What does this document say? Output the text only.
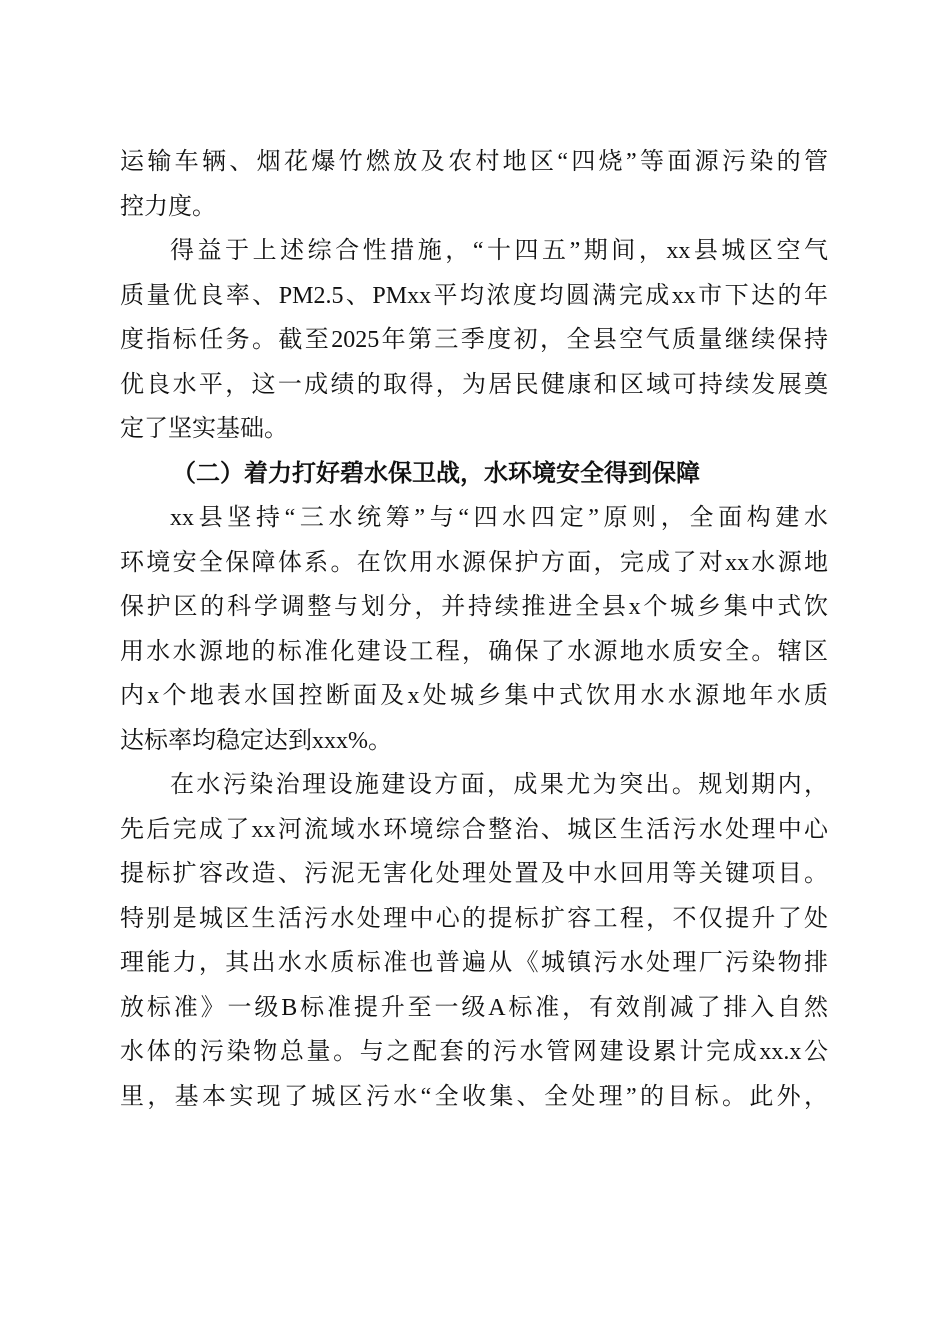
运输车辆、烟花爆竹燃放及农村地区“四烧”等面源污染的管
控力度。
得益于上述综合性措施，“十四五”期间，xx县城区空气
质量优良率、PM2.5、PMxx平均浓度均圆满完成xx市下达的年
度指标任务。截至2025年第三季度初，全县空气质量继续保持
优良水平，这一成绩的取得，为居民健康和区域可持续发展奠
定了坚实基础。
（二）着力打好碧水保卫战，水环境安全得到保障
xx县坚持“三水统筹”与“四水四定”原则，全面构建水
环境安全保障体系。在饮用水源保护方面，完成了对xx水源地
保护区的科学调整与划分，并持续推进全县x个城乡集中式饮
用水水源地的标准化建设工程，确保了水源地水质安全。辖区
内x个地表水国控断面及x处城乡集中式饮用水水源地年水质
达标率均稳定达到xxx%。
在水污染治理设施建设方面，成果尤为突出。规划期内，
先后完成了xx河流域水环境综合整治、城区生活污水处理中心
提标扩容改造、污泥无害化处理处置及中水回用等关键项目。
特别是城区生活污水处理中心的提标扩容工程，不仅提升了处
理能力，其出水水质标准也普遍从《城镇污水处理厂污染物排
放标准》一级B标准提升至一级A标准，有效削减了排入自然
水体的污染物总量。与之配套的污水管网建设累计完成xx.x公
里，基本实现了城区污水“全收集、全处理”的目标。此外，
